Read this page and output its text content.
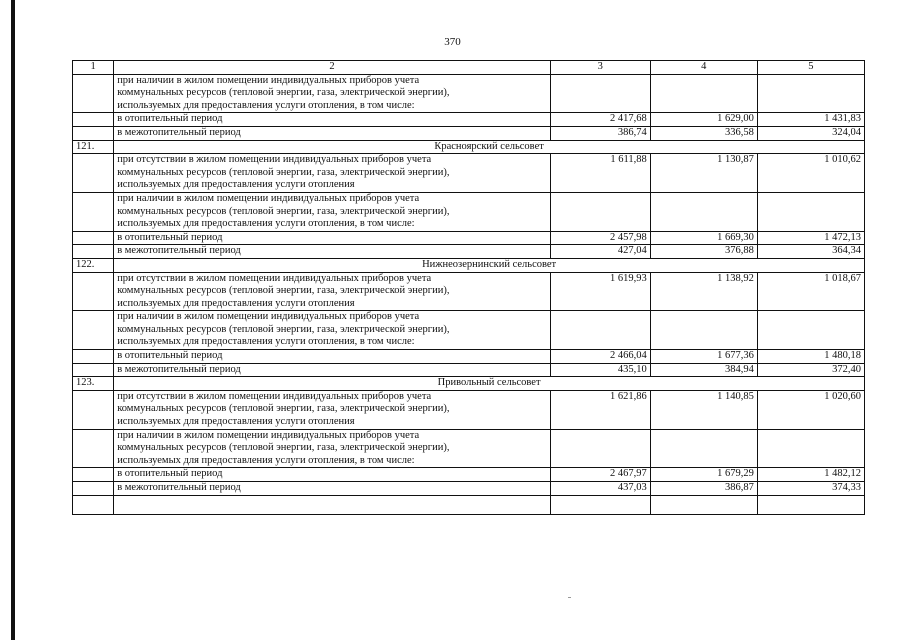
370
1	2	3	4	5

	при наличии в жилом помещении индивидуальных приборов учета
коммунальных ресурсов (тепловой энергии, газа, электрической энергии),
используемых для предоставления услуги отопления, в том числе:			

	в отопительный период	2 417,68	1 629,00	1 431,83
	в межотопительный период	386,74	336,58	324,04
121.	Красноярский сельсовет			

	при отсутствии в жилом помещении индивидуальных приборов учета
коммунальных ресурсов (тепловой энергии, газа, электрической энергии),
используемых для предоставления услуги отопления	1 611,88	1 130,87	1 010,62

	при наличии в жилом помещении индивидуальных приборов учета
коммунальных ресурсов (тепловой энергии, газа, электрической энергии),
используемых для предоставления услуги отопления, в том числе:			

	в отопительный период	2 457,98	1 669,30	1 472,13
	в межотопительный период	427,04	376,88	364,34
122.	Нижнеозернинский сельсовет			

	при отсутствии в жилом помещении индивидуальных приборов учета
коммунальных ресурсов (тепловой энергии, газа, электрической энергии),
используемых для предоставления услуги отопления	1 619,93	1 138,92	1 018,67

	при наличии в жилом помещении индивидуальных приборов учета
коммунальных ресурсов (тепловой энергии, газа, электрической энергии),
используемых для предоставления услуги отопления, в том числе:			

	в отопительный период	2 466,04	1 677,36	1 480,18
	в межотопительный период	435,10	384,94	372,40
123.	Привольный сельсовет			

	при отсутствии в жилом помещении индивидуальных приборов учета
коммунальных ресурсов (тепловой энергии, газа, электрической энергии),
используемых для предоставления услуги отопления	1 621,86	1 140,85	1 020,60

	при наличии в жилом помещении индивидуальных приборов учета
коммунальных ресурсов (тепловой энергии, газа, электрической энергии),
используемых для предоставления услуги отопления, в том числе:			

	в отопительный период	2 467,97	1 679,29	1 482,12
	в межотопительный период	437,03	386,87	374,33
